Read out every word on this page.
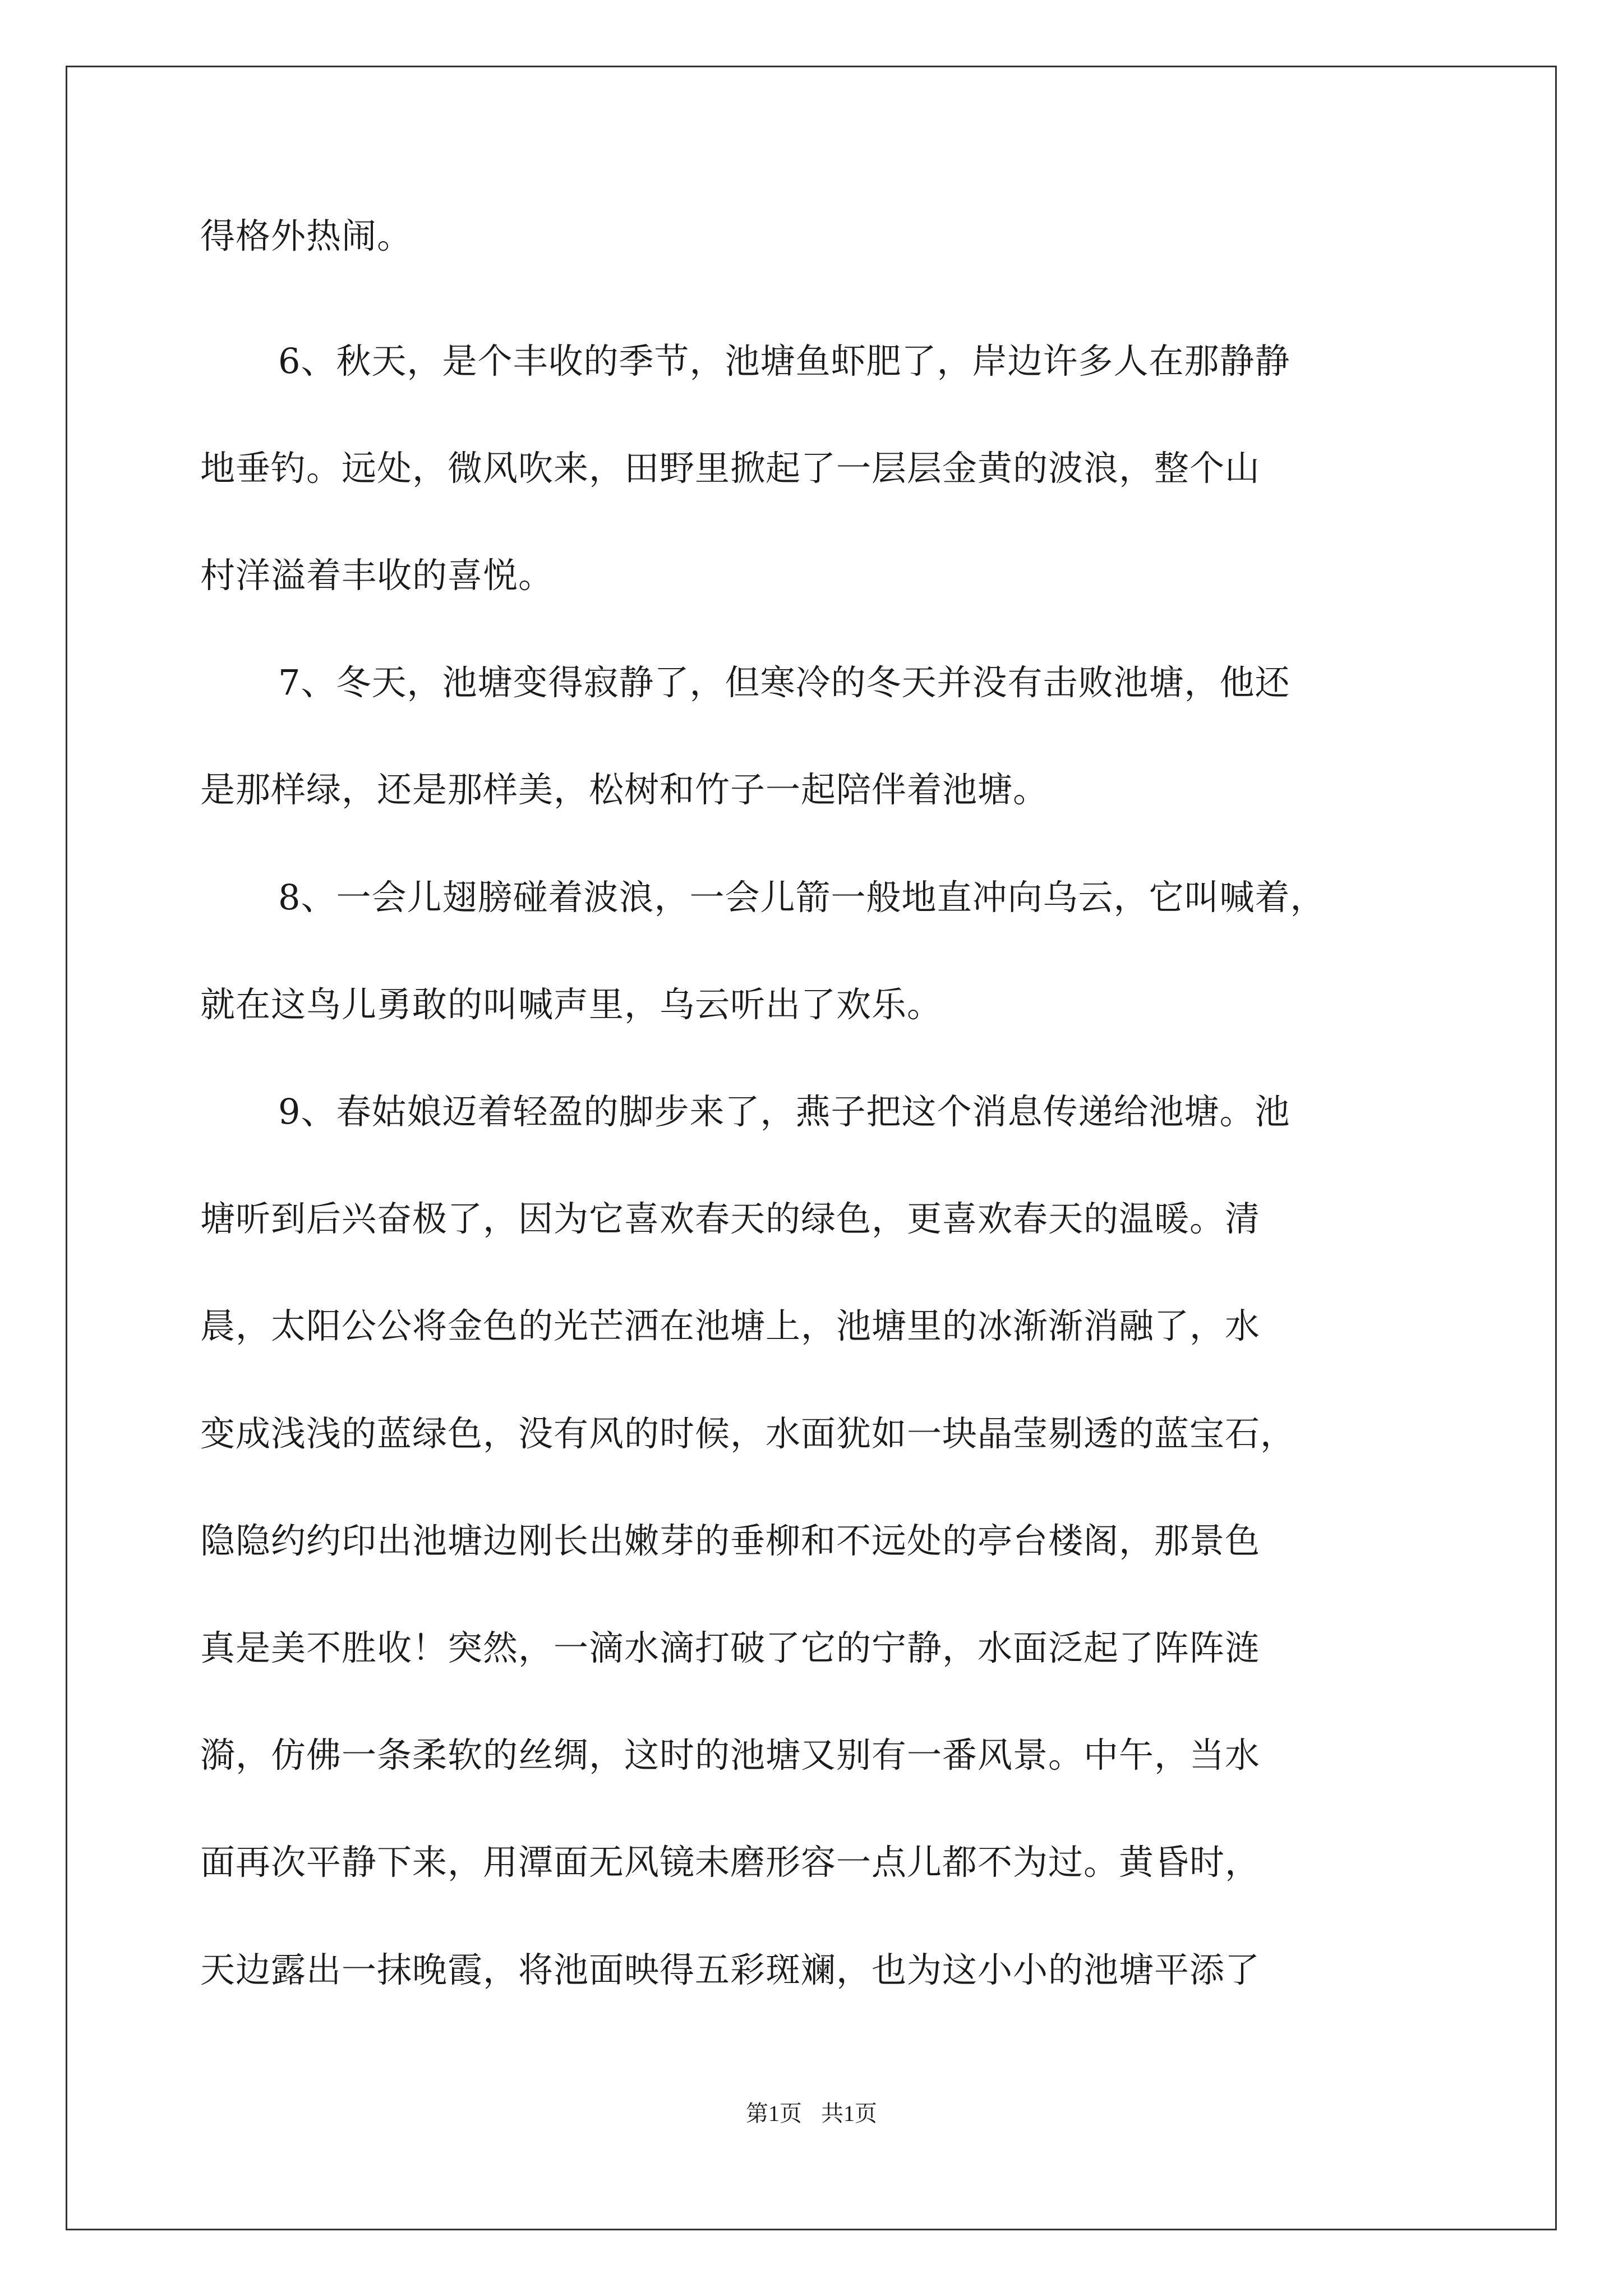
得格外热闹。

6、秋天，是个丰收的季节，池塘鱼虾肥了，岸边许多人在那静静

地垂钓。远处，微风吹来，田野里掀起了一层层金黄的波浪，整个山

村洋溢着丰收的喜悦。

7、冬天，池塘变得寂静了，但寒冷的冬天并没有击败池塘，他还

是那样绿，还是那样美，松树和竹子一起陪伴着池塘。

8、一会儿翅膀碰着波浪，一会儿箭一般地直冲向乌云，它叫喊着，

就在这鸟儿勇敢的叫喊声里，乌云听出了欢乐。

9、春姑娘迈着轻盈的脚步来了，燕子把这个消息传递给池塘。池

塘听到后兴奋极了，因为它喜欢春天的绿色，更喜欢春天的温暖。清

晨，太阳公公将金色的光芒洒在池塘上，池塘里的冰渐渐消融了，水

变成浅浅的蓝绿色，没有风的时候，水面犹如一块晶莹剔透的蓝宝石，

隐隐约约印出池塘边刚长出嫩芽的垂柳和不远处的亭台楼阁，那景色

真是美不胜收！突然，一滴水滴打破了它的宁静，水面泛起了阵阵涟

漪，仿佛一条柔软的丝绸，这时的池塘又别有一番风景。中午，当水

面再次平静下来，用潭面无风镜未磨形容一点儿都不为过。黄昏时，

天边露出一抹晚霞，将池面映得五彩斑斓，也为这小小的池塘平添了

第1页 共1页
